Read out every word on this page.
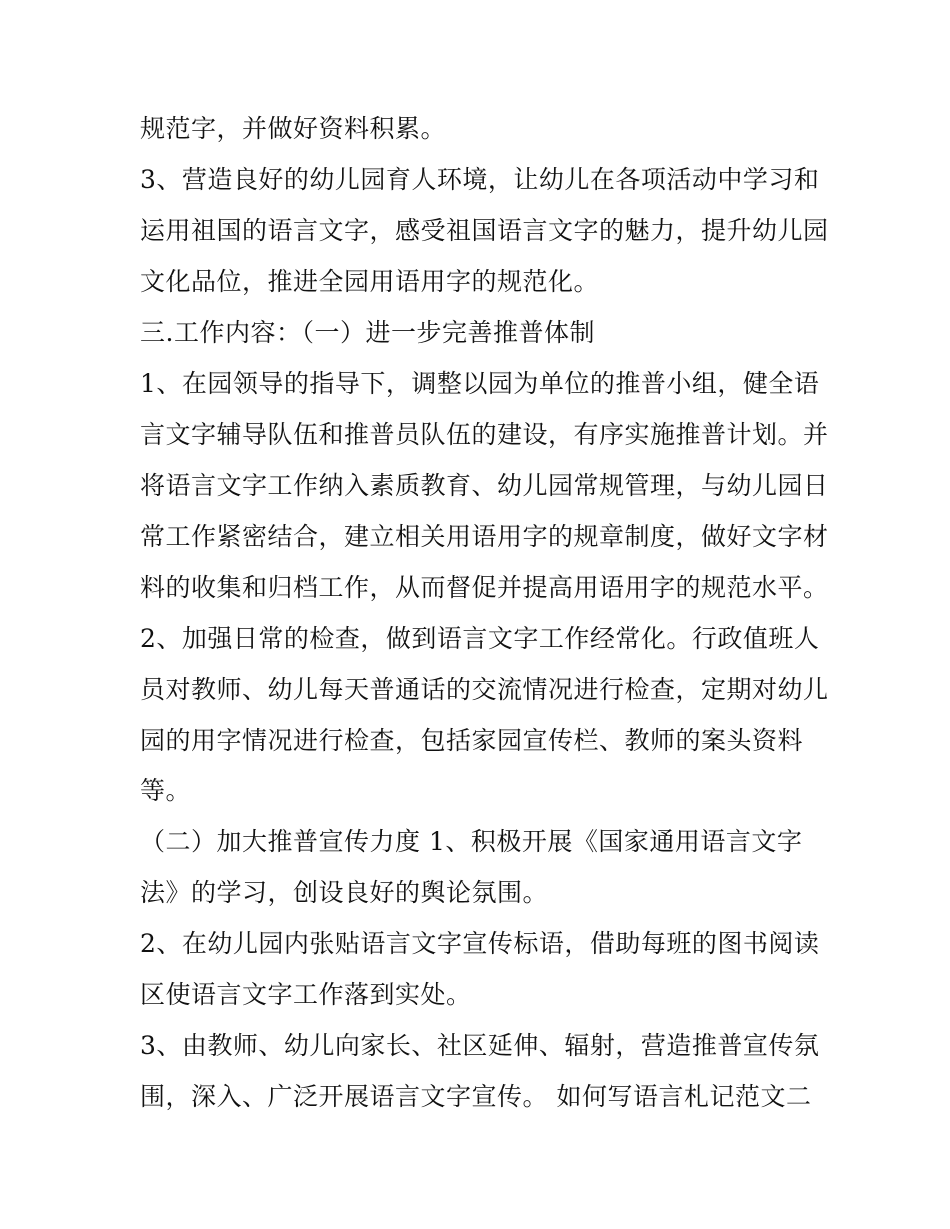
规范字，并做好资料积累。
3、营造良好的幼儿园育人环境，让幼儿在各项活动中学习和
运用祖国的语言文字，感受祖国语言文字的魅力，提升幼儿园
文化品位，推进全园用语用字的规范化。
三.工作内容：（一）进一步完善推普体制
1、在园领导的指导下，调整以园为单位的推普小组，健全语
言文字辅导队伍和推普员队伍的建设，有序实施推普计划。并
将语言文字工作纳入素质教育、幼儿园常规管理，与幼儿园日
常工作紧密结合，建立相关用语用字的规章制度，做好文字材
料的收集和归档工作，从而督促并提高用语用字的规范水平。
2、加强日常的检查，做到语言文字工作经常化。行政值班人
员对教师、幼儿每天普通话的交流情况进行检查，定期对幼儿
园的用字情况进行检查，包括家园宣传栏、教师的案头资料
等。
（二）加大推普宣传力度 1、积极开展《国家通用语言文字
法》的学习，创设良好的舆论氛围。
2、在幼儿园内张贴语言文字宣传标语，借助每班的图书阅读
区使语言文字工作落到实处。
3、由教师、幼儿向家长、社区延伸、辐射，营造推普宣传氛
围，深入、广泛开展语言文字宣传。 如何写语言札记范文二
